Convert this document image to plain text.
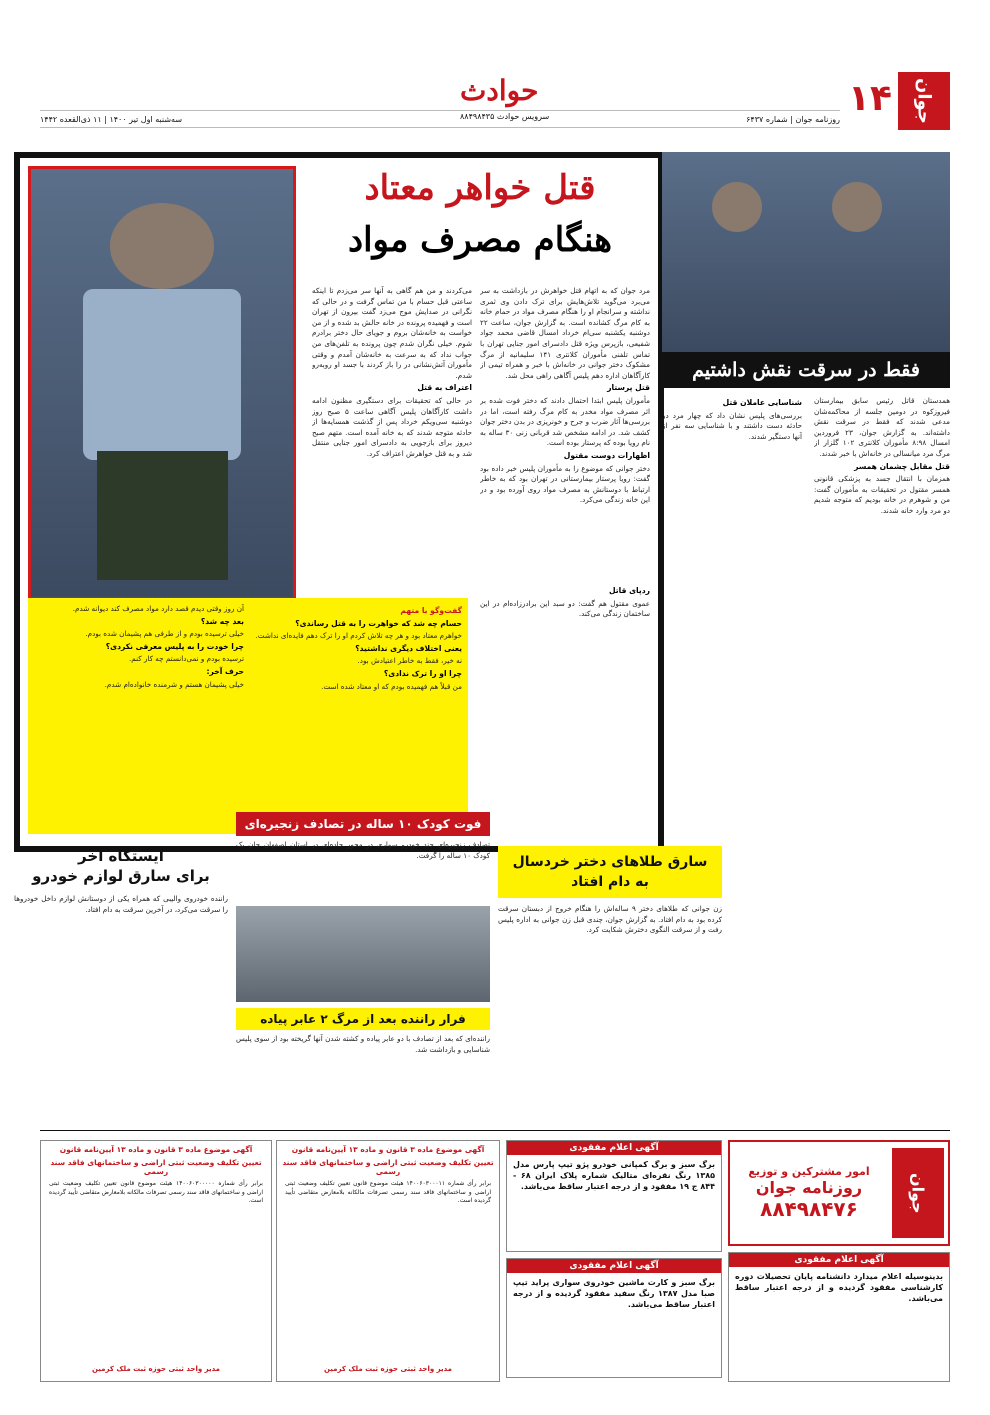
جوان
۱۴
حوادث
سرویس حوادث ۸۸۴۹۸۴۳۵	روزنامه جوان | شماره ۶۴۳۷
سه‌شنبه اول تیر ۱۴۰۰ | ۱۱ ذی‌القعده ۱۴۴۲
قتل خواهر معتاد
هنگام مصرف مواد

مرد جوان که به اتهام قتل خواهرش در بازداشت به سر می‌برد می‌گوید تلاش‌هایش برای ترک دادن وی ثمری نداشته و سرانجام او را هنگام مصرف مواد در حمام خانه به کام مرگ کشانده است. به گزارش جوان، ساعت ۲۲ دوشنبه یکشنبه سی‌ام خرداد امسال قاضی محمد جواد شفیعی، بازپرس ویژه قتل دادسرای امور جنایی تهران با تماس تلفنی مأموران کلانتری ۱۴۱ سلیمانیه از مرگ مشکوک دختر جوانی در خانه‌اش با خبر و همراه تیمی از کارآگاهان اداره دهم پلیس آگاهی راهی محل شد.

قتل پرستار

مأموران پلیس ابتدا احتمال دادند که دختر فوت شده بر اثر مصرف مواد مخدر به کام مرگ رفته است، اما در بررسی‌ها آثار ضرب و جرح و خونریزی در بدن دختر جوان کشف شد. در ادامه مشخص شد قربانی زنی ۳۰ ساله به نام رویا بوده که پرستار بوده است.

اظهارات دوست مقتول

دختر جوانی که موضوع را به مأموران پلیس خبر داده بود گفت: رویا پرستار بیمارستانی در تهران بود که به خاطر ارتباط با دوستانش به مصرف مواد روی آورده بود و در این خانه زندگی می‌کرد.

می‌کردند و من هم گاهی به آنها سر می‌زدم تا اینکه ساعتی قبل حسام با من تماس گرفت و در حالی که نگرانی در صدایش موج می‌زد گفت بیرون از تهران است و فهمیده پرونده در خانه حالش بد شده و از من خواست به خانه‌شان بروم و جویای حال دختر برادرم شوم. خیلی نگران شدم چون پرونده به تلفن‌های من جواب نداد که به سرعت به خانه‌شان آمدم و وقتی مأموران آتش‌نشانی در را باز کردند با جسد او روبه‌رو شدم.

اعتراف به قتل

در حالی که تحقیقات برای دستگیری مظنون ادامه داشت کارآگاهان پلیس آگاهی ساعت ۵ صبح روز دوشنبه سی‌ویکم خرداد پس از گذشت همسایه‌ها از حادثه متوجه شدند که به خانه آمده است. متهم صبح دیروز برای بازجویی به دادسرای امور جنایی منتقل شد و به قتل خواهرش اعتراف کرد.

ردپای قاتل

عموی مقتول هم گفت: دو سبد این برادرزاده‌ام در این ساختمان زندگی می‌کند.

گفت‌وگو با متهم
حسام چه شد که خواهرت را به قتل رساندی؟

خواهرم معتاد بود و هر چه تلاش کردم او را ترک دهم فایده‌ای نداشت.

یعنی اختلاف دیگری نداشتید؟

نه خیر، فقط به خاطر اعتیادش بود.

چرا او را ترک ندادی؟

من قبلاً هم فهمیده بودم که او معتاد شده است.

آن روز وقتی دیدم قصد دارد مواد مصرف کند دیوانه شدم.

بعد چه شد؟

خیلی ترسیده بودم و از طرفی هم پشیمان شده بودم.

چرا خودت را به پلیس معرفی نکردی؟

ترسیده بودم و نمی‌دانستم چه کار کنم.

حرف آخر:

خیلی پشیمان هستم و شرمنده خانواده‌ام شدم.

فقط در سرقت نقش داشتیم

همدستان قاتل رئیس سابق بیمارستان فیروزکوه در دومین جلسه از محاکمه‌شان مدعی شدند که فقط در سرقت نقش داشته‌اند. به گزارش جوان، ۲۳ فروردین امسال ۸:۹۸ مأموران کلانتری ۱۰۲ گلزار از مرگ مرد میانسالی در خانه‌اش با خبر شدند.

قتل مقابل چشمان همسر

همزمان با انتقال جسد به پزشکی قانونی همسر مقتول در تحقیقات به مأموران گفت: من و شوهرم در خانه بودیم که متوجه شدیم دو مرد وارد خانه شدند.

شناسایی عاملان قتل

بررسی‌های پلیس نشان داد که چهار مرد در حادثه دست داشتند و با شناسایی سه نفر از آنها دستگیر شدند.

سارق طلاهای دختر خردسال
به دام افتاد
زن جوانی که طلاهای دختر ۹ ساله‌اش را هنگام خروج از دبستان سرقت کرده بود به دام افتاد. به گزارش جوان، چندی قبل زن جوانی به اداره پلیس رفت و از سرقت النگوی دخترش شکایت کرد.
فوت کودک ۱۰ ساله در تصادف زنجیره‌ای
تصادف زنجیره‌ای چند خودرو سواری در محور جاده‌ای در استان اصفهان جان یک کودک ۱۰ ساله را گرفت.
فرار راننده بعد از مرگ ۲ عابر پیاده
راننده‌ای که بعد از تصادف با دو عابر پیاده و کشته شدن آنها گریخته بود از سوی پلیس شناسایی و بازداشت شد.
ایستگاه آخر
برای سارق لوازم خودرو
راننده خودروی والیبی که همراه یکی از دوستانش لوازم داخل خودروها را سرقت می‌کرد، در آخرین سرقت به دام افتاد.
جوان
امور مشترکین و توزیع
روزنامه جوان
۸۸۴۹۸۴۷۶
آگهی اعلام مفقودی
بدینوسیله اعلام میدارد دانشنامه پایان تحصیلات دوره کارشناسی مفقود گردیده و از درجه اعتبار ساقط می‌باشد.
آگهی اعلام مفقودی
برگ سبز و برگ کمپانی خودرو پژو تیپ پارس مدل ۱۳۸۵ رنگ نقره‌ای متالیک شماره پلاک ایران ۶۸ - ۸۴۴ ج ۱۹ مفقود و از درجه اعتبار ساقط می‌باشد.
آگهی اعلام مفقودی
برگ سبز و کارت ماشین خودروی سواری پراید تیپ صبا مدل ۱۳۸۷ رنگ سفید مفقود گردیده و از درجه اعتبار ساقط می‌باشد.
آگهی موضوع ماده ۳ قانون و ماده ۱۳ آیین‌نامه قانون
تعیین تکلیف وضعیت ثبتی اراضی و ساختمانهای فاقد سند رسمی
برابر رأی شماره ۱۴۰۰۶۰۳۰۰۰۱۱ هیئت موضوع قانون تعیین تکلیف وضعیت ثبتی اراضی و ساختمانهای فاقد سند رسمی تصرفات مالکانه بلامعارض متقاضی تأیید گردیده است.
مدیر واحد ثبتی حوزه ثبت ملک کرمین
آگهی موضوع ماده ۳ قانون و ماده ۱۳ آیین‌نامه قانون
تعیین تکلیف وضعیت ثبتی اراضی و ساختمانهای فاقد سند رسمی
برابر رأی شماره ۱۴۰۰۶۰۳۰۰۰۰۰ هیئت موضوع قانون تعیین تکلیف وضعیت ثبتی اراضی و ساختمانهای فاقد سند رسمی تصرفات مالکانه بلامعارض متقاضی تأیید گردیده است.
مدیر واحد ثبتی حوزه ثبت ملک کرمین
